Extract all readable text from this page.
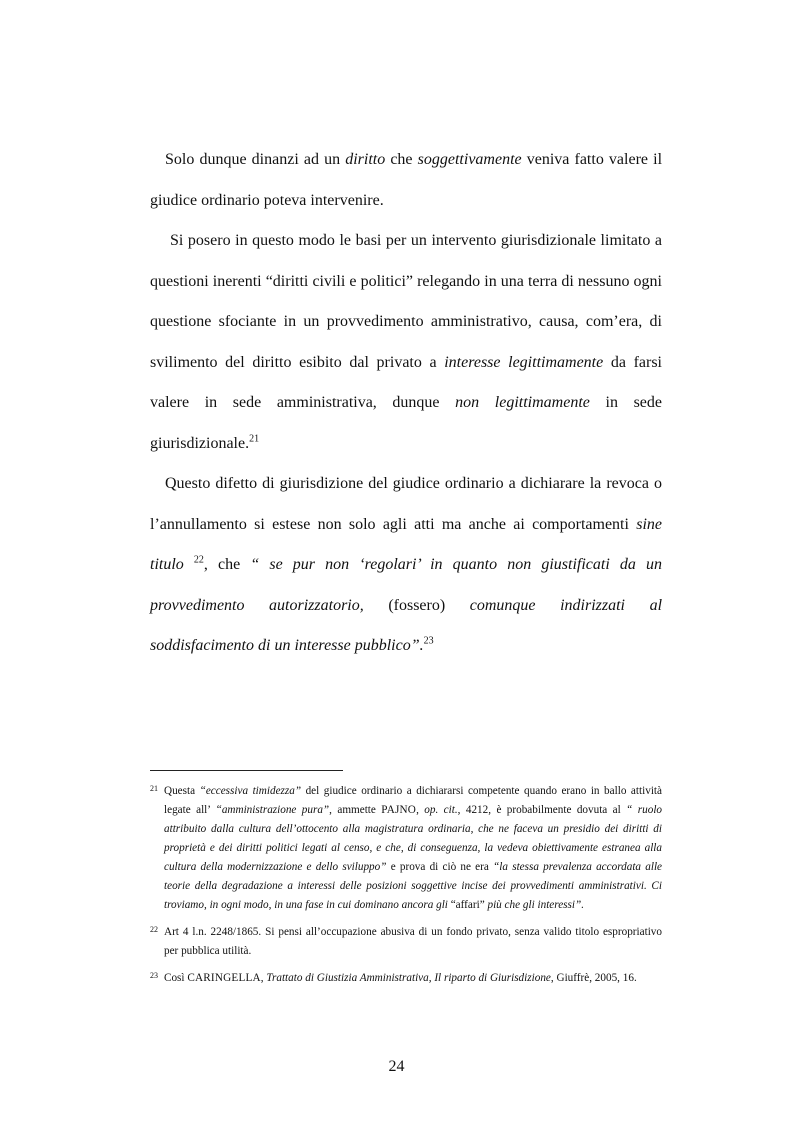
Solo dunque dinanzi ad un diritto che soggettivamente veniva fatto valere il giudice ordinario poteva intervenire.

Si posero in questo modo le basi per un intervento giurisdizionale limitato a questioni inerenti “diritti civili e politici” relegando in una terra di nessuno ogni questione sfociante in un provvedimento amministrativo, causa, com’era, di svilimento del diritto esibito dal privato a interesse legittimamente da farsi valere in sede amministrativa, dunque non legittimamente in sede giurisdizionale.$^{21}$

Questo difetto di giurisdizione del giudice ordinario a dichiarare la revoca o l’annullamento si estese non solo agli atti ma anche ai comportamenti sine titulo $^{22}$, che “ se pur non ‘regolari’ in quanto non giustificati da un provvedimento autorizzatorio, (fossero) comunque indirizzati al soddisfacimento di un interesse pubblico”.$^{23}$

21 Questa “eccessiva timidezza” del giudice ordinario a dichiararsi competente quando erano in ballo attività legate all’ “amministrazione pura”, ammette PAJNO, op. cit., 4212, è probabilmente dovuta al “ ruolo attribuito dalla cultura dell’ottocento alla magistratura ordinaria, che ne faceva un presidio dei diritti di proprietà e dei diritti politici legati al censo, e che, di conseguenza, la vedeva obiettivamente estranea alla cultura della modernizzazione e dello sviluppo” e prova di ciò ne era “la stessa prevalenza accordata alle teorie della degradazione a interessi delle posizioni soggettive incise dei provvedimenti amministrativi. Ci troviamo, in ogni modo, in una fase in cui dominano ancora gli “affari” più che gli interessi”.
22 Art 4 l.n. 2248/1865. Si pensi all’occupazione abusiva di un fondo privato, senza valido titolo espropriativo per pubblica utilità.
23 Così CARINGELLA, Trattato di Giustizia Amministrativa, Il riparto di Giurisdizione, Giuffrè, 2005, 16.
24
